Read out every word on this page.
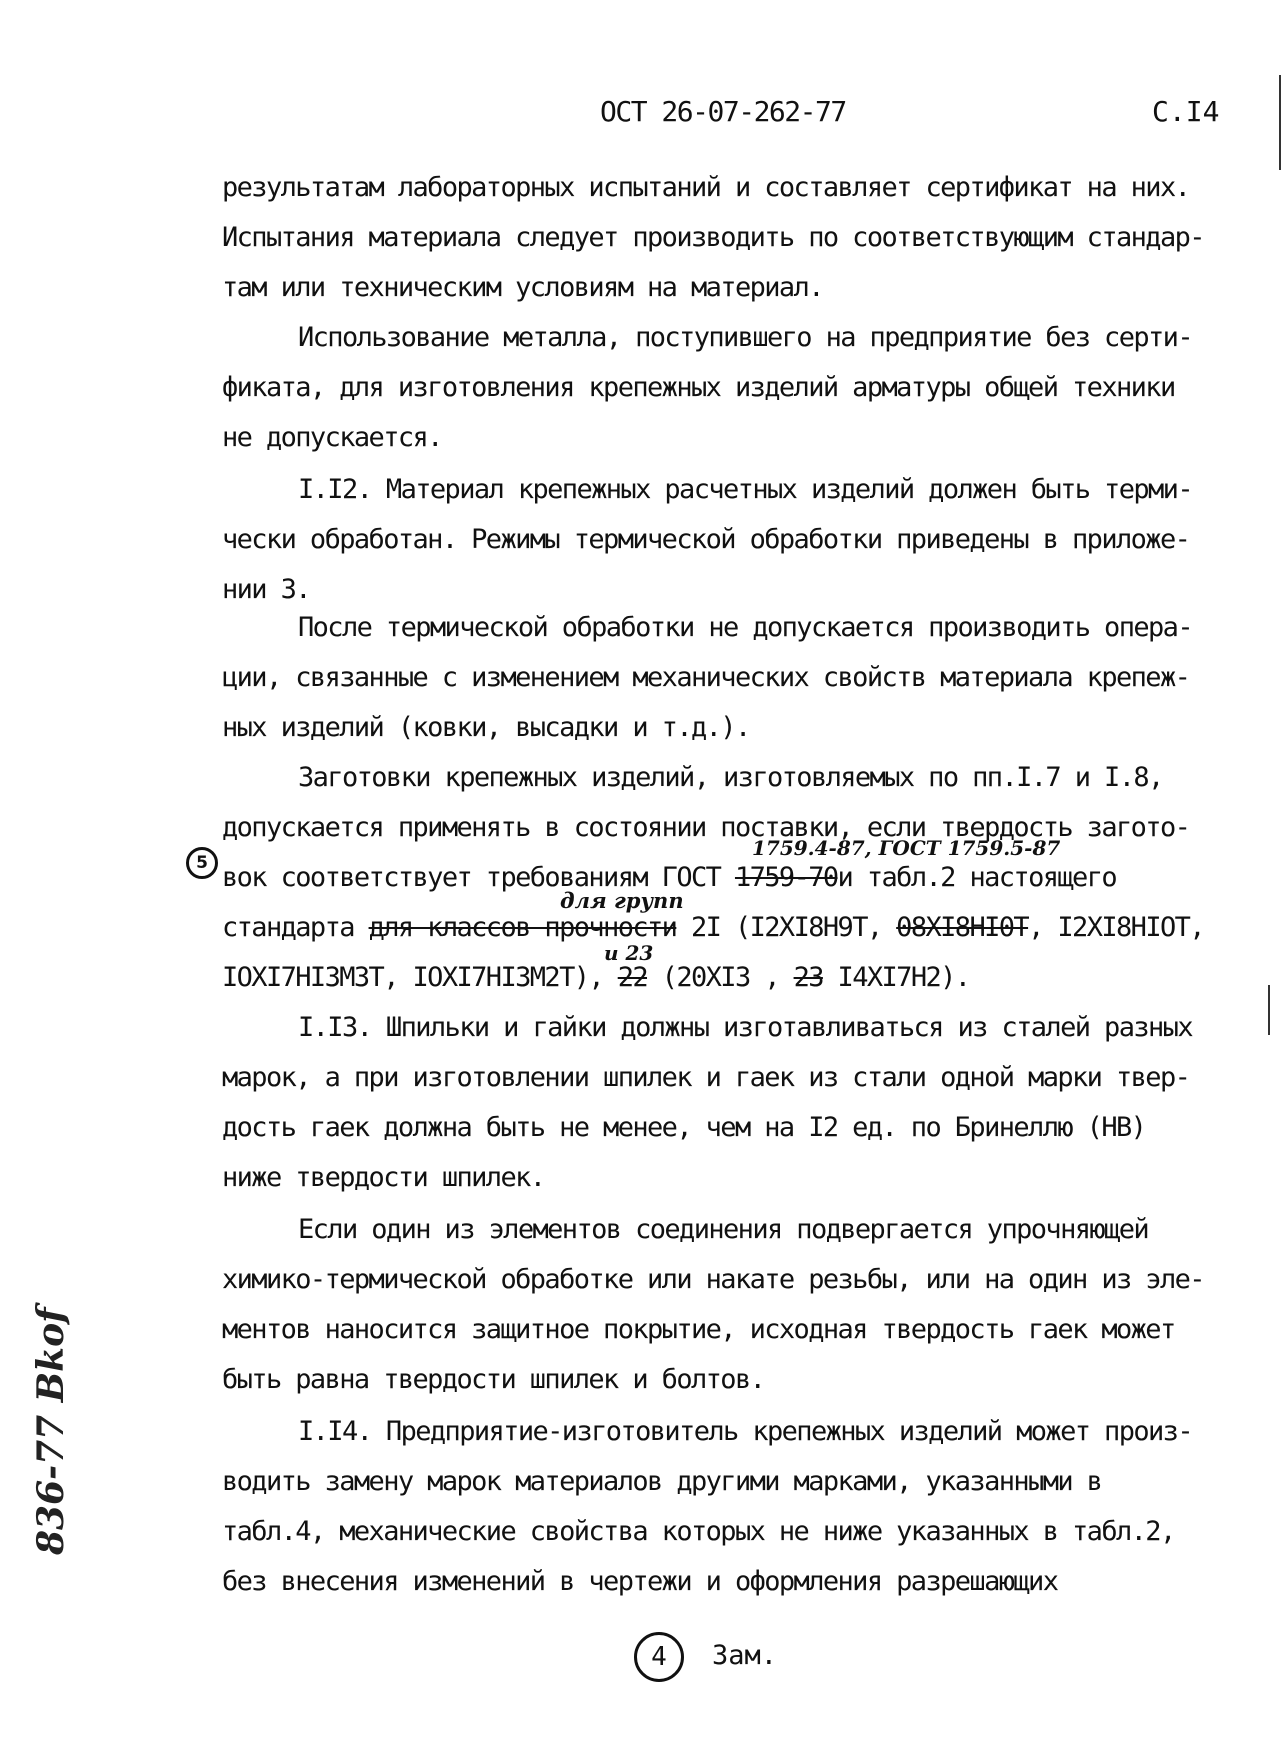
ОСТ 26-07-262-77	С.I4
результатам лабораторных испытаний и составляет сертификат на них.
Испытания материала следует производить по соответствующим стандар-
там или техническим условиям на материал.
Использование металла, поступившего на предприятие без серти-
фиката, для изготовления крепежных изделий арматуры общей техники
не допускается.
I.I2. Материал крепежных расчетных изделий должен быть терми-
чески обработан. Режимы термической обработки приведены в приложе-
нии 3.
После термической обработки не допускается производить опера-
ции, связанные с изменением механических свойств материала крепеж-
ных изделий (ковки, высадки и т.д.).
Заготовки крепежных изделий, изготовляемых по пп.I.7 и I.8,
допускается применять в состоянии поставки, если твердость загото-
5
1759.4-87, ГОСТ 1759.5-87
вок соответствует требованиям ГОСТ 1759-70и табл.2 настоящего
для групп
стандарта для классов прочности 2I (I2XI8H9T, 08XI8HI0T, I2XI8HIOT,
и 23
IOXI7HI3M3T, IOXI7HI3M2T), 22 (20XI3 , 23 I4XI7H2).
I.I3. Шпильки и гайки должны изготавливаться из сталей разных
марок, а при изготовлении шпилек и гаек из стали одной марки твер-
дость гаек должна быть не менее, чем на I2 ед. по Бринеллю (НВ)
ниже твердости шпилек.
Если один из элементов соединения подвергается упрочняющей
химико-термической обработке или накате резьбы, или на один из эле-
ментов наносится защитное покрытие, исходная твердость гаек может
быть равна твердости шпилек и болтов.
I.I4. Предприятие-изготовитель крепежных изделий может произ-
водить замену марок материалов другими марками, указанными в
табл.4, механические свойства которых не ниже указанных в табл.2,
без внесения изменений в чертежи и оформления разрешающих
836-77 Bkof
4	Зам.
